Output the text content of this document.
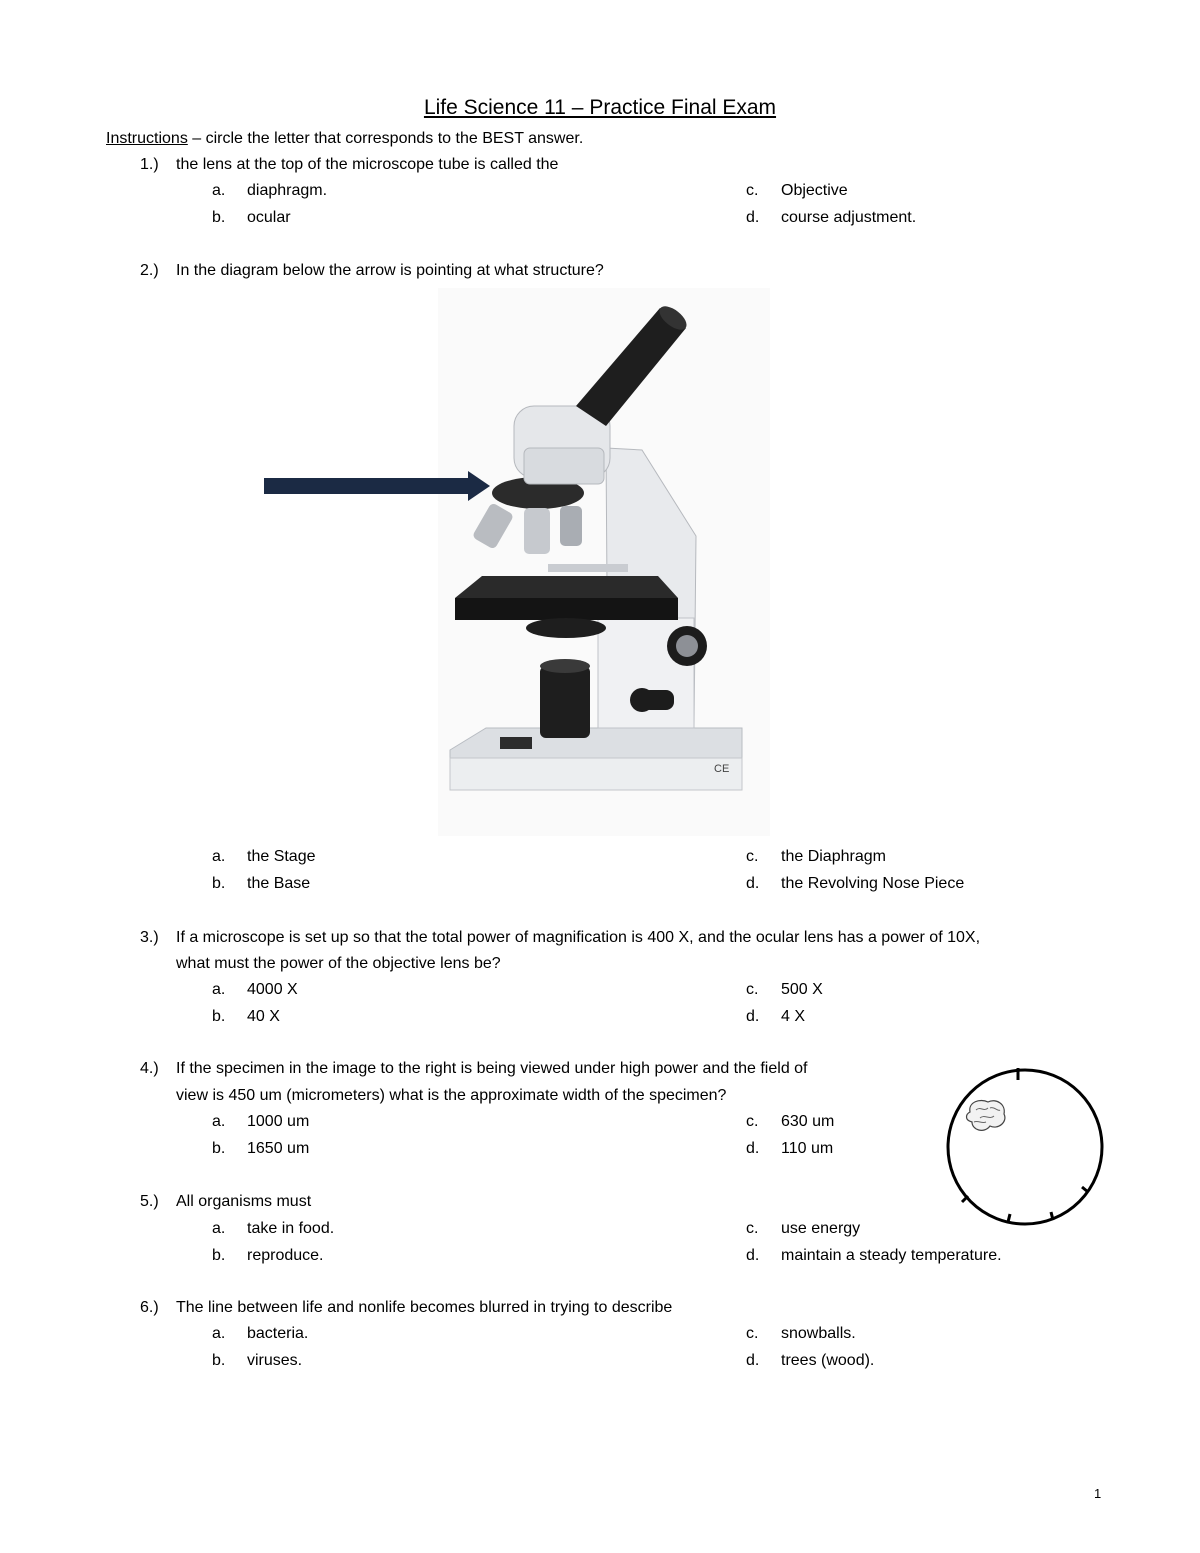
Life Science 11 – Practice Final Exam
Instructions – circle the letter that corresponds to the BEST answer.
1.) the lens at the top of the microscope tube is called the
a. diaphragm.
b. ocular
c. Objective
d. course adjustment.
2.) In the diagram below the arrow is pointing at what structure?
CE
a. the Stage
b. the Base
c. the Diaphragm
d. the Revolving Nose Piece
3.) If a microscope is set up so that the total power of magnification is 400 X, and the ocular lens has a power of 10X,
what must the power of the objective lens be?
a. 4000 X
b. 40 X
c. 500 X
d. 4 X
4.) If the specimen in the image to the right is being viewed under high power and the field of
view is 450 um (micrometers) what is the approximate width of the specimen?
a. 1000 um
b. 1650 um
c. 630 um
d. 110 um
5.) All organisms must
a. take in food.
b. reproduce.
c. use energy
d. maintain a steady temperature.
6.) The line between life and nonlife becomes blurred in trying to describe
a. bacteria.
b. viruses.
c. snowballs.
d. trees (wood).
1
